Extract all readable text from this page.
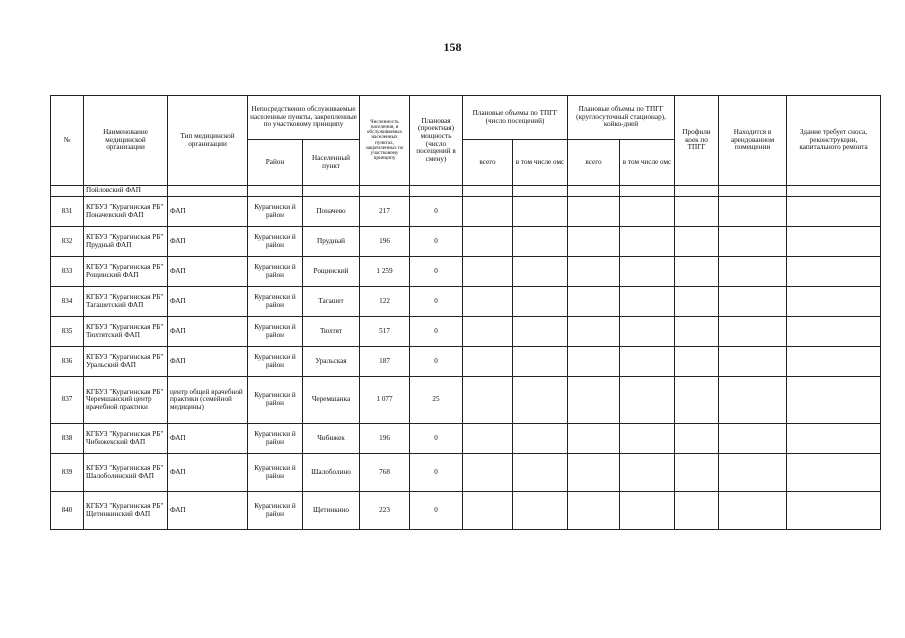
158
№	Наименование медицинской организации	Тип медицинской организации	Непосредственно обслуживаемые населенные пункты, закрепленные по участковому принципу		Численность населения, в обслуживаемых населенных пунктах, закрепленных по участковому принципу	Плановая (проектная) мощность (число посещений в смену)	Плановые объемы по ТПГГ (число посещений)		Плановые объемы по ТПГГ (круглосуточный стационар), койко-дней		Профили коек по ТПГГ	Находится в арендованном помещении	Здание требует сноса, реконструкции, капитального ремонта
			Район	Населенный пункт			всего	в том числе омс	всего	в том числе омс			
	Пойловский ФАП												
831	КГБУЗ "Курагинская РБ" Поначевский ФАП	ФАП	Курагински й район	Поначево	217	0							
832	КГБУЗ "Курагинская РБ" Прудный ФАП	ФАП	Курагински й район	Прудный	196	0							
833	КГБУЗ "Курагинская РБ" Рощинский ФАП	ФАП	Курагински й район	Рощинский	1 259	0							
834	КГБУЗ "Курагинская РБ" Тагашетский ФАП	ФАП	Курагински й район	Тагашет	122	0							
835	КГБУЗ "Курагинская РБ" Тюхтятский ФАП	ФАП	Курагински й район	Тюхтят	517	0							
836	КГБУЗ "Курагинская РБ" Уральский ФАП	ФАП	Курагински й район	Уральская	187	0							
837	КГБУЗ "Курагинская РБ" Черемшанский центр врачебной практики	центр общей врачебной практики (семейной медицины)	Курагински й район	Черемшанка	1 077	25							
838	КГБУЗ "Курагинская РБ" Чибижекский ФАП	ФАП	Курагински й район	Чибижек	196	0							
839	КГБУЗ "Курагинская РБ" Шалоболинский ФАП	ФАП	Курагински й район	Шалоболино	768	0							
840	КГБУЗ "Курагинская РБ" Щетинкинский ФАП	ФАП	Курагински й район	Щетинкино	223	0							
